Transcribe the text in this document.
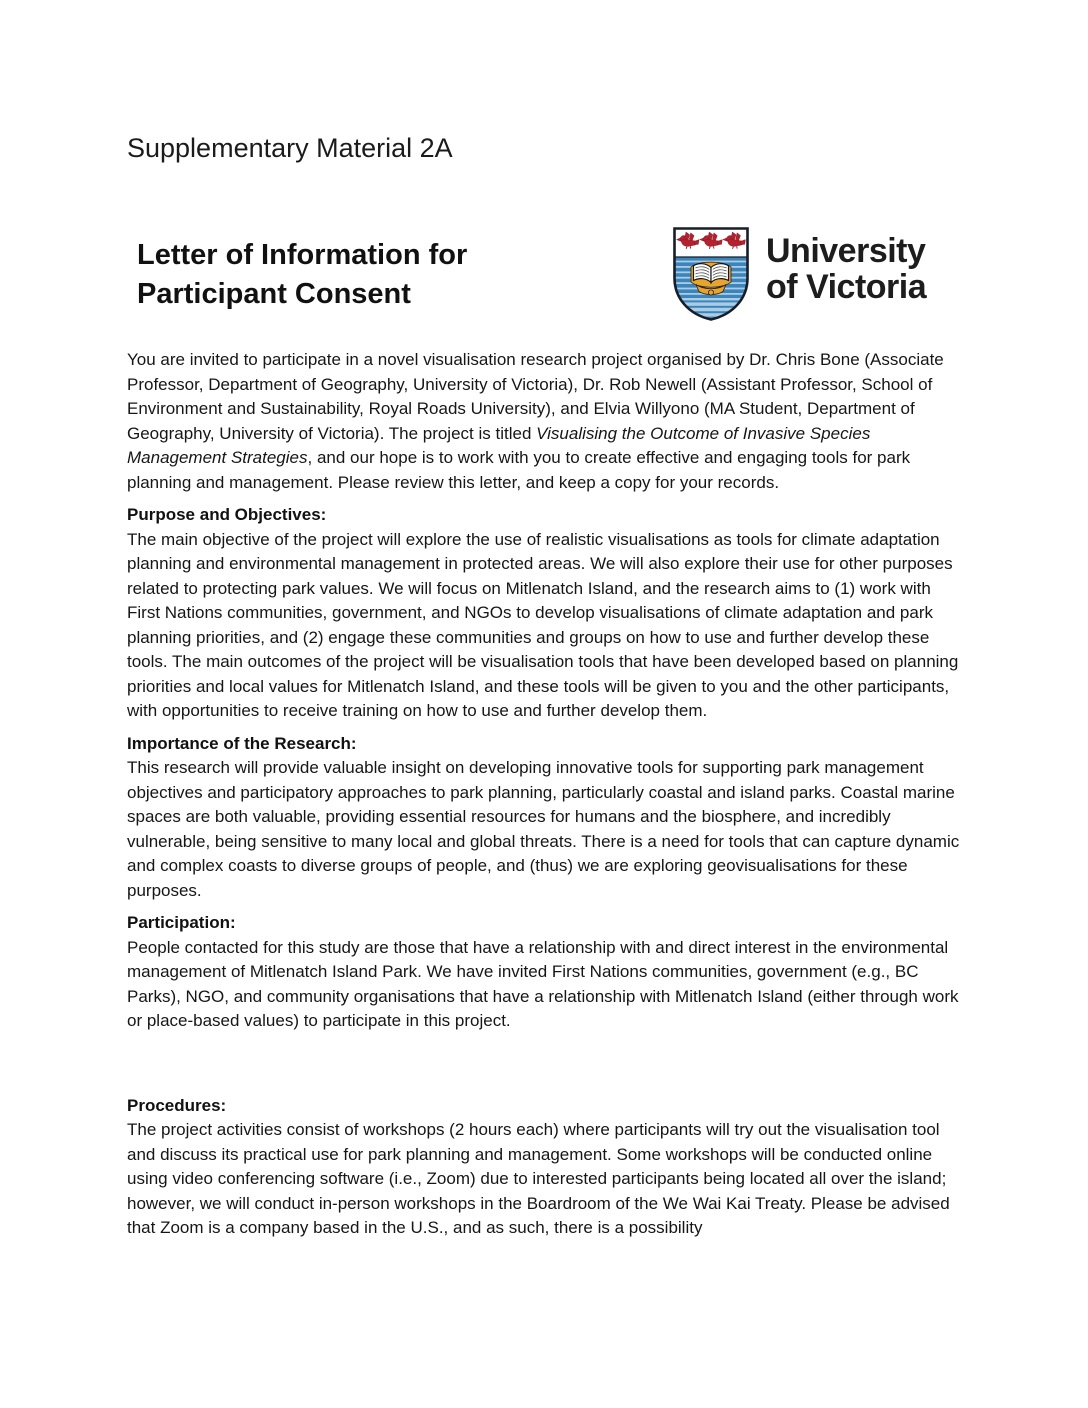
Supplementary Material 2A
Letter of Information for
Participant Consent
University
of Victoria

You are invited to participate in a novel visualisation research project organised by Dr. Chris Bone (Associate Professor, Department of Geography, University of Victoria), Dr. Rob Newell (Assistant Professor, School of Environment and Sustainability, Royal Roads University), and Elvia Willyono (MA Student, Department of Geography, University of Victoria). The project is titled Visualising the Outcome of Invasive Species Management Strategies, and our hope is to work with you to create effective and engaging tools for park planning and management. Please review this letter, and keep a copy for your records.

Purpose and Objectives:

The main objective of the project will explore the use of realistic visualisations as tools for climate adaptation planning and environmental management in protected areas. We will also explore their use for other purposes related to protecting park values. We will focus on Mitlenatch Island, and the research aims to (1) work with First Nations communities, government, and NGOs to develop visualisations of climate adaptation and park planning priorities, and (2) engage these communities and groups on how to use and further develop these tools. The main outcomes of the project will be visualisation tools that have been developed based on planning priorities and local values for Mitlenatch Island, and these tools will be given to you and the other participants, with opportunities to receive training on how to use and further develop them.

Importance of the Research:

This research will provide valuable insight on developing innovative tools for supporting park management objectives and participatory approaches to park planning, particularly coastal and island parks. Coastal marine spaces are both valuable, providing essential resources for humans and the biosphere, and incredibly vulnerable, being sensitive to many local and global threats. There is a need for tools that can capture dynamic and complex coasts to diverse groups of people, and (thus) we are exploring geovisualisations for these purposes.

Participation:

People contacted for this study are those that have a relationship with and direct interest in the environmental management of Mitlenatch Island Park. We have invited First Nations communities, government (e.g., BC Parks), NGO, and community organisations that have a relationship with Mitlenatch Island (either through work or place-based values) to participate in this project.

Procedures:

The project activities consist of workshops (2 hours each) where participants will try out the visualisation tool and discuss its practical use for park planning and management. Some workshops will be conducted online using video conferencing software (i.e., Zoom) due to interested participants being located all over the island; however, we will conduct in-person workshops in the Boardroom of the We Wai Kai Treaty. Please be advised that Zoom is a company based in the U.S., and as such, there is a possibility
